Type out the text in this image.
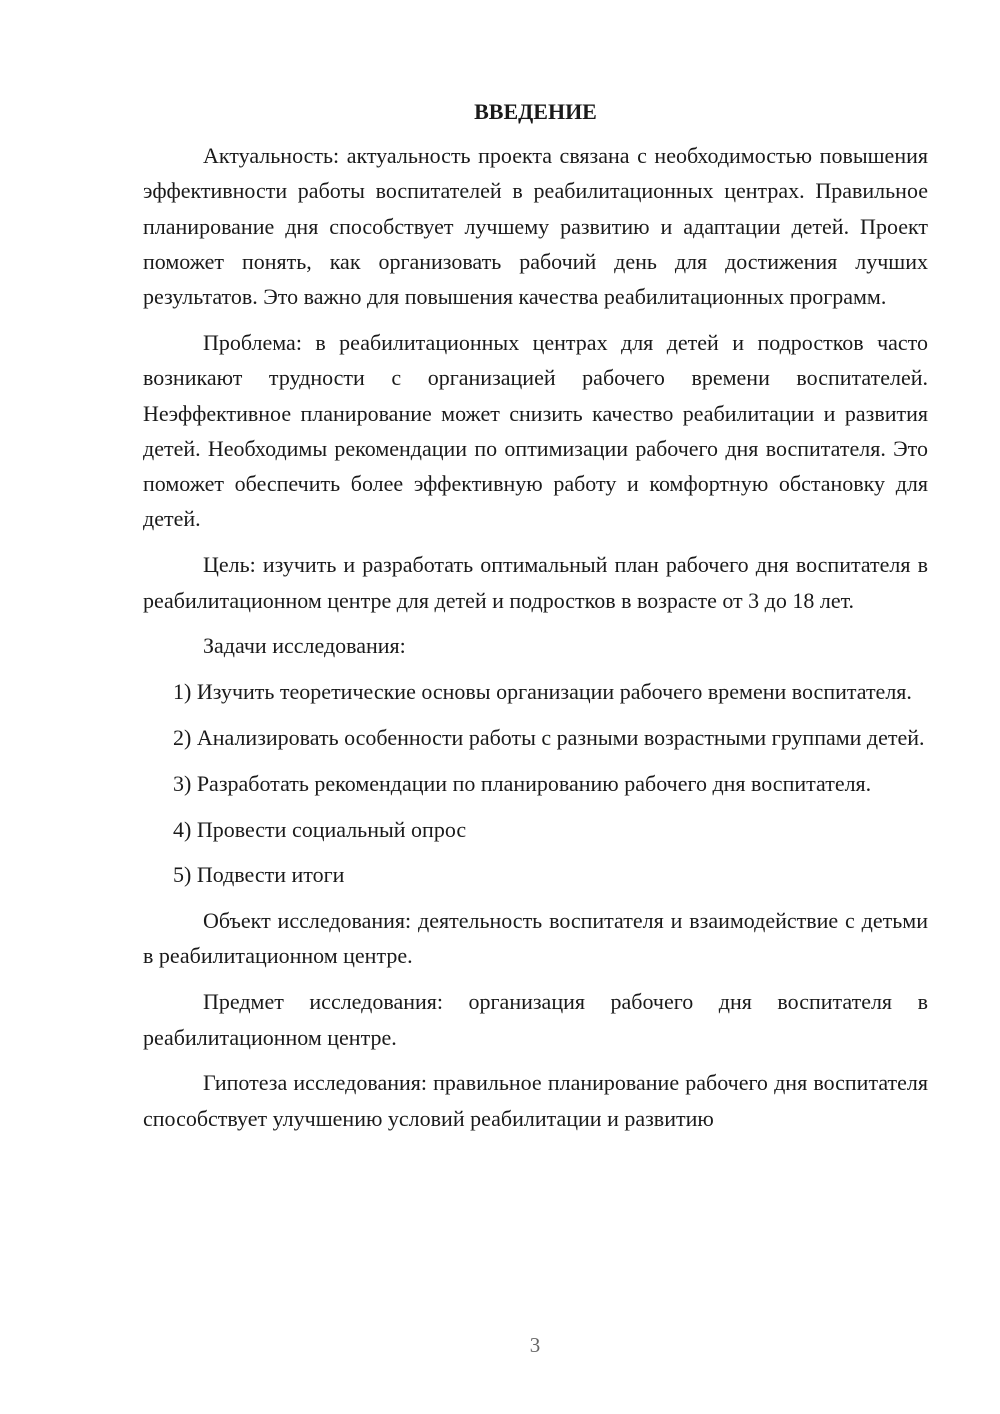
ВВЕДЕНИЕ

Актуальность: актуальность проекта связана с необходимостью повышения эффективности работы воспитателей в реабилитационных центрах. Правильное планирование дня способствует лучшему развитию и адаптации детей. Проект поможет понять, как организовать рабочий день для достижения лучших результатов. Это важно для повышения качества реабилитационных программ.

Проблема: в реабилитационных центрах для детей и подростков часто возникают трудности с организацией рабочего времени воспитателей. Неэффективное планирование может снизить качество реабилитации и развития детей. Необходимы рекомендации по оптимизации рабочего дня воспитателя. Это поможет обеспечить более эффективную работу и комфортную обстановку для детей.

Цель: изучить и разработать оптимальный план рабочего дня воспитателя в реабилитационном центре для детей и подростков в возрасте от 3 до 18 лет.

Задачи исследования:

1) Изучить теоретические основы организации рабочего времени воспитателя.

2) Анализировать особенности работы с разными возрастными группами детей.

3) Разработать рекомендации по планированию рабочего дня воспитателя.

4) Провести социальный опрос

5) Подвести итоги

Объект исследования: деятельность воспитателя и взаимодействие с детьми в реабилитационном центре.

Предмет исследования: организация рабочего дня воспитателя в реабилитационном центре.

Гипотеза исследования: правильное планирование рабочего дня воспитателя способствует улучшению условий реабилитации и развитию

3
